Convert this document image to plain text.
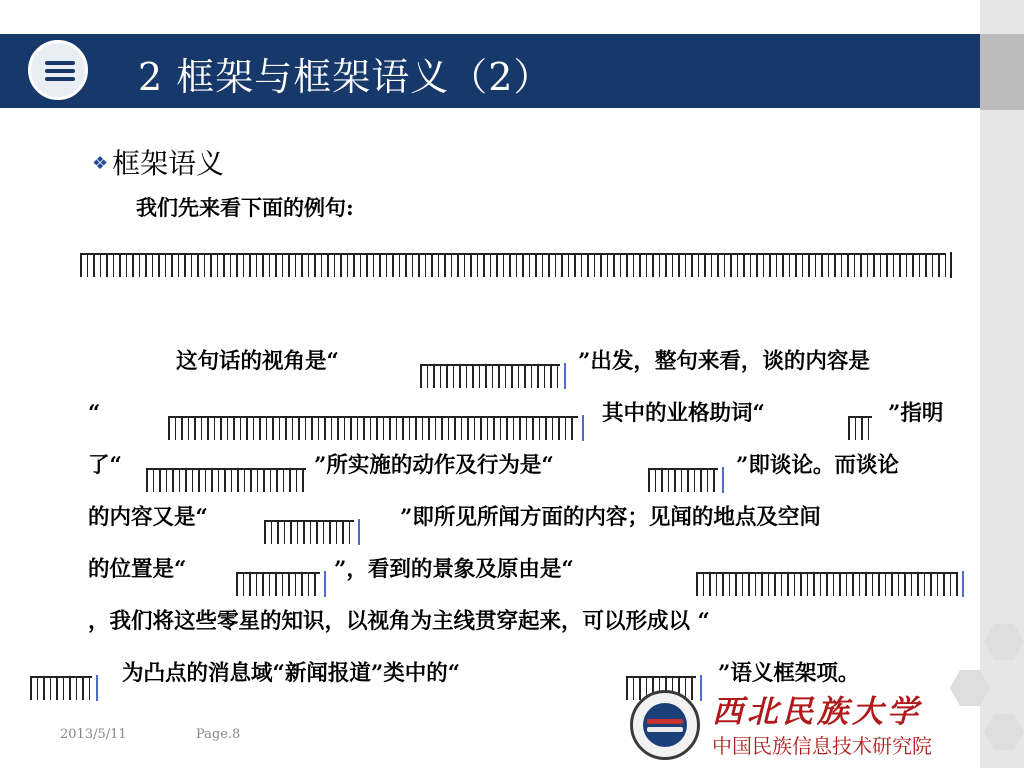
2 框架与框架语义（2）
❖ 框架语义
我们先来看下面的例句:
这句话的视角是“	”出发，整句来看，谈的内容是
“	其中的业格助词“	”指明
了“	”所实施的动作及行为是“	”即谈论。而谈论
的内容又是“	”即所见所闻方面的内容；见闻的地点及空间
的位置是“	”，看到的景象及原由是“
，我们将这些零星的知识，以视角为主线贯穿起来，可以形成以 “
为凸点的消息域“新闻报道”类中的“	”语义框架项。
2013/5/11	Page.8
西北民族大学
中国民族信息技术研究院
